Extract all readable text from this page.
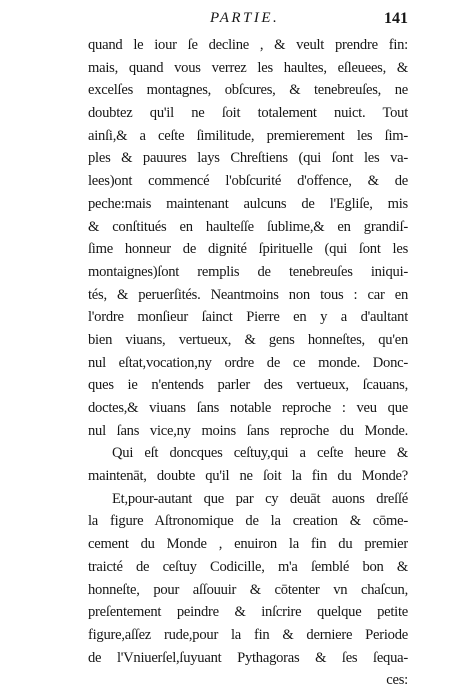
PARTIE.	141
quand le iour ſe decline , & veult prendre fin:
mais, quand vous verrez les haultes, eſleuees, &
excelſes montagnes, obſcures, & tenebreuſes, ne
doubtez qu'il ne ſoit totalement nuict. Tout
ainſi,& a ceſte ſimilitude, premierement les ſim-
ples & pauures lays Chreſtiens (qui ſont les va-
lees)ont commencé l'obſcurité d'offence, & de
peche:mais maintenant aulcuns de l'Egliſe, mis
& conſtitués en haulteſſe ſublime,& en grandiſ-
ſime honneur de dignité ſpirituelle (qui ſont les
montaignes)ſont remplis de tenebreuſes iniqui-
tés, & peruerſités. Neantmoins non tous : car en
l'ordre monſieur ſainct Pierre en y a d'aultant
bien viuans, vertueux, & gens honneſtes, qu'en
nul eſtat,vocation,ny ordre de ce monde. Donc-
ques ie n'entends parler des vertueux, ſcauans,
doctes,& viuans ſans notable reproche : veu que
nul ſans vice,ny moins ſans reproche du Monde.
Qui eſt doncques ceſtuy,qui a ceſte heure &
maintenāt, doubte qu'il ne ſoit la fin du Monde?
Et,pour-autant que par cy deuāt auons dreſſé
la figure Aſtronomique de la creation & cōme-
cement du Monde , enuiron la fin du premier
traicté de ceſtuy Codicille, m'a ſemblé bon &
honneſte, pour aſſouuir & cōtenter vn chaſcun,
preſentement peindre & inſcrire quelque petite
figure,aſſez rude,pour la fin & derniere Periode
de l'Vniuerſel,ſuyuant Pythagoras & ſes ſequa-
ces:
